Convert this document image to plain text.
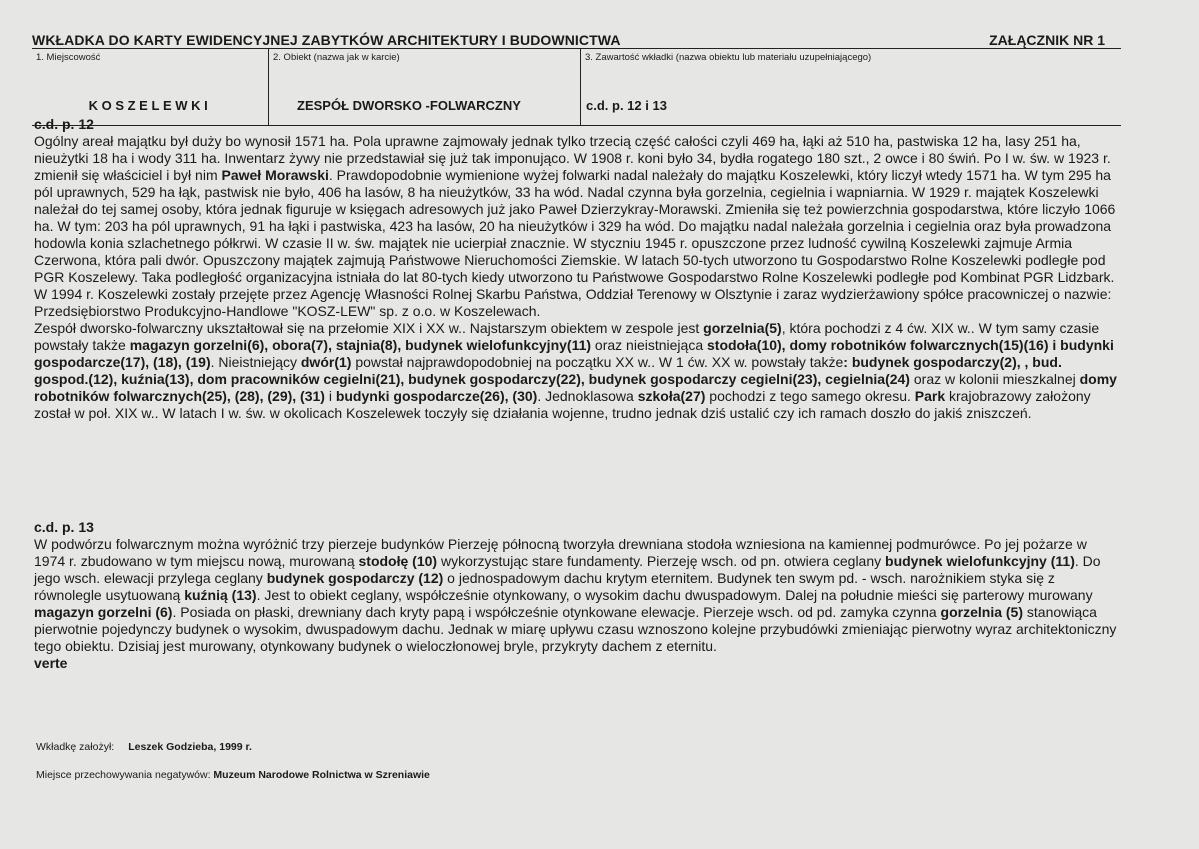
WKŁADKA DO KARTY EWIDENCYJNEJ ZABYTKÓW ARCHITEKTURY I BUDOWNICTWA	ZAŁĄCZNIK NR 1
1. Miejscowość
KOSZELEWKI
2. Obiekt (nazwa jak w karcie)
ZESPÓŁ DWORSKO -FOLWARCZNY
3. Zawartość wkładki (nazwa obiektu lub materiału uzupełniającego)
c.d. p. 12 i 13
c.d. p. 12
Ogólny areał majątku był duży bo wynosił 1571 ha. Pola uprawne zajmowały jednak tylko trzecią część całości czyli 469 ha, łąki aż 510 ha, pastwiska 12 ha, lasy 251 ha, nieużytki 18 ha i wody 311 ha. Inwentarz żywy nie przedstawiał się już tak imponująco. W 1908 r. koni było 34, bydła rogatego 180 szt., 2 owce i 80 świń. Po I w. św. w 1923 r. zmienił się właściciel i był nim Paweł Morawski. Prawdopodobnie wymienione wyżej folwarki nadal należały do majątku Koszelewki, który liczył wtedy 1571 ha. W tym 295 ha pól uprawnych, 529 ha łąk, pastwisk nie było, 406 ha lasów, 8 ha nieużytków, 33 ha wód. Nadal czynna była gorzelnia, cegielnia i wapniarnia. W 1929 r. majątek Koszelewki należał do tej samej osoby, która jednak figuruje w księgach adresowych już jako Paweł Dzierzykray-Morawski. Zmieniła się też powierzchnia gospodarstwa, które liczyło 1066 ha. W tym: 203 ha pól uprawnych, 91 ha łąki i pastwiska, 423 ha lasów, 20 ha nieużytków i 329 ha wód. Do majątku nadal należała gorzelnia i cegielnia oraz była prowadzona hodowla konia szlachetnego półkrwi. W czasie II w. św. majątek nie ucierpiał znacznie. W styczniu 1945 r. opuszczone przez ludność cywilną Koszelewki zajmuje Armia Czerwona, która pali dwór. Opuszczony majątek zajmują Państwowe Nieruchomości Ziemskie. W latach 50-tych utworzono tu Gospodarstwo Rolne Koszelewki podległe pod PGR Koszelewy. Taka podległość organizacyjna istniała do lat 80-tych kiedy utworzono tu Państwowe Gospodarstwo Rolne Koszelewki podległe pod Kombinat PGR Lidzbark. W 1994 r. Koszelewki zostały przejęte przez Agencję Własności Rolnej Skarbu Państwa, Oddział Terenowy w Olsztynie i zaraz wydzierżawiony spółce pracowniczej o nazwie: Przedsiębiorstwo Produkcyjno-Handlowe "KOSZ-LEW" sp. z o.o. w Koszelewach.
Zespół dworsko-folwarczny ukształtował się na przełomie XIX i XX w.. Najstarszym obiektem w zespole jest gorzelnia(5), która pochodzi z 4 ćw. XIX w.. W tym samy czasie powstały także magazyn gorzelni(6), obora(7), stajnia(8), budynek wielofunkcyjny(11) oraz nieistniejąca stodoła(10), domy robotników folwarcznych(15)(16) i budynki gospodarcze(17), (18), (19). Nieistniejący dwór(1) powstał najprawdopodobniej na początku XX w.. W 1 ćw. XX w. powstały także: budynek gospodarczy(2), , bud. gospod.(12), kuźnia(13), dom pracowników cegielni(21), budynek gospodarczy(22), budynek gospodarczy cegielni(23), cegielnia(24) oraz w kolonii mieszkalnej domy robotników folwarcznych(25), (28), (29), (31) i budynki gospodarcze(26), (30). Jednoklasowa szkoła(27) pochodzi z tego samego okresu. Park krajobrazowy założony został w poł. XIX w.. W latach I w. św. w okolicach Koszelewek toczyły się działania wojenne, trudno jednak dziś ustalić czy ich ramach doszło do jakiś zniszczeń.
c.d. p. 13
W podwórzu folwarcznym można wyróżnić trzy pierzeje budynków Pierzeję północną tworzyła drewniana stodoła wzniesiona na kamiennej podmurówce. Po jej pożarze w 1974 r. zbudowano w tym miejscu nową, murowaną stodołę (10) wykorzystując stare fundamenty. Pierzeję wsch. od pn. otwiera ceglany budynek wielofunkcyjny (11). Do jego wsch. elewacji przylega ceglany budynek gospodarczy (12) o jednospadowym dachu krytym eternitem. Budynek ten swym pd. - wsch. narożnikiem styka się z równolegle usytuowaną kuźnią (13). Jest to obiekt ceglany, współcześnie otynkowany, o wysokim dachu dwuspadowym. Dalej na południe mieści się parterowy murowany magazyn gorzelni (6). Posiada on płaski, drewniany dach kryty papą i współcześnie otynkowane elewacje. Pierzeje wsch. od pd. zamyka czynna gorzelnia (5) stanowiąca pierwotnie pojedynczy budynek o wysokim, dwuspadowym dachu. Jednak w miarę upływu czasu wznoszono kolejne przybudówki zmieniając pierwotny wyraz architektoniczny tego obiektu. Dzisiaj jest murowany, otynkowany budynek o wieloczłonowej bryle, przykryty dachem z eternitu.
verte
Wkładkę założył: Leszek Godzieba, 1999 r.
Miejsce przechowywania negatywów: Muzeum Narodowe Rolnictwa w Szreniawie
